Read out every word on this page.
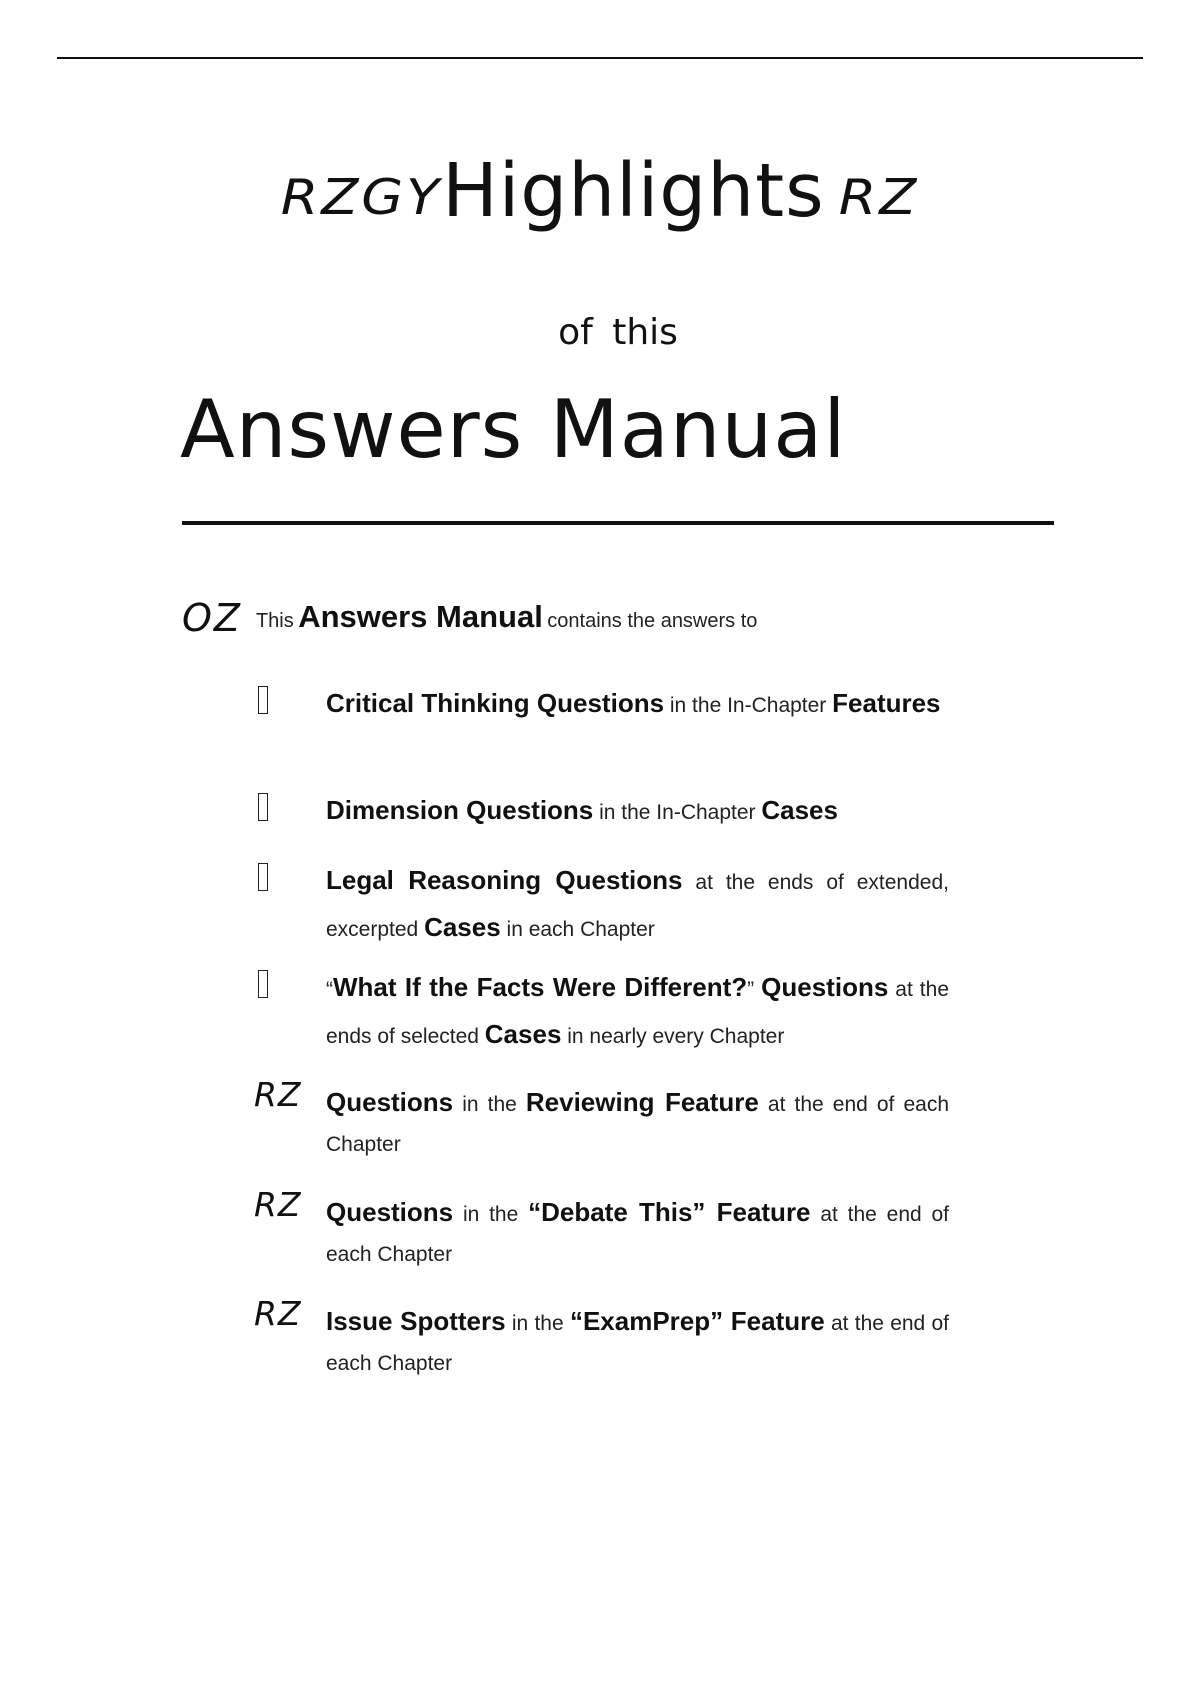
RZGYHighlights RZ
of this
Answers Manual
OZ This Answers Manual contains the answers to
Critical Thinking Questions in the In-Chapter Features
Dimension Questions in the In-Chapter Cases
Legal Reasoning Questions at the ends of extended, excerpted Cases in each Chapter
“What If the Facts Were Different?” Questions at the ends of selected Cases in nearly every Chapter
RZ Questions in the Reviewing Feature at the end of each Chapter
RZ Questions in the “Debate This” Feature at the end of each Chapter
RZ Issue Spotters in the “ExamPrep” Feature at the end of each Chapter
